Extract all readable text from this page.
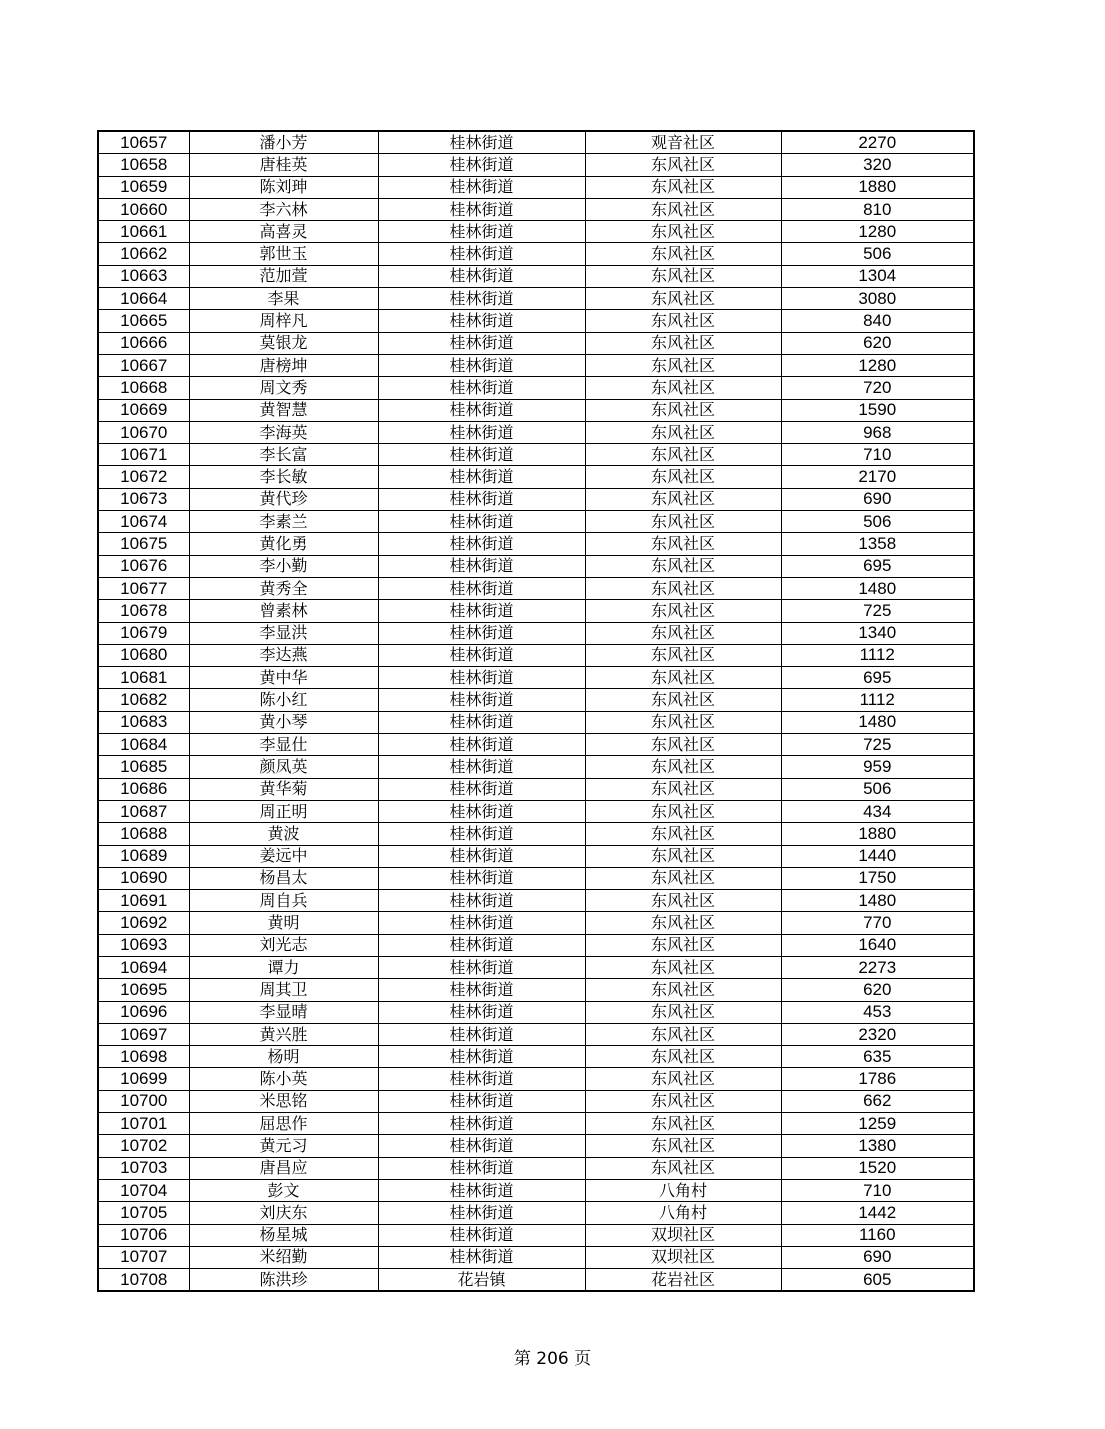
10657	潘小芳	桂林街道	观音社区	2270
10658	唐桂英	桂林街道	东风社区	320
10659	陈刘珅	桂林街道	东风社区	1880
10660	李六林	桂林街道	东风社区	810
10661	高喜灵	桂林街道	东风社区	1280
10662	郭世玉	桂林街道	东风社区	506
10663	范加萱	桂林街道	东风社区	1304
10664	李果	桂林街道	东风社区	3080
10665	周梓凡	桂林街道	东风社区	840
10666	莫银龙	桂林街道	东风社区	620
10667	唐榜坤	桂林街道	东风社区	1280
10668	周文秀	桂林街道	东风社区	720
10669	黄智慧	桂林街道	东风社区	1590
10670	李海英	桂林街道	东风社区	968
10671	李长富	桂林街道	东风社区	710
10672	李长敏	桂林街道	东风社区	2170
10673	黄代珍	桂林街道	东风社区	690
10674	李素兰	桂林街道	东风社区	506
10675	黄化勇	桂林街道	东风社区	1358
10676	李小勤	桂林街道	东风社区	695
10677	黄秀全	桂林街道	东风社区	1480
10678	曾素林	桂林街道	东风社区	725
10679	李显洪	桂林街道	东风社区	1340
10680	李达燕	桂林街道	东风社区	1112
10681	黄中华	桂林街道	东风社区	695
10682	陈小红	桂林街道	东风社区	1112
10683	黄小琴	桂林街道	东风社区	1480
10684	李显仕	桂林街道	东风社区	725
10685	颜凤英	桂林街道	东风社区	959
10686	黄华菊	桂林街道	东风社区	506
10687	周正明	桂林街道	东风社区	434
10688	黄波	桂林街道	东风社区	1880
10689	姜远中	桂林街道	东风社区	1440
10690	杨昌太	桂林街道	东风社区	1750
10691	周自兵	桂林街道	东风社区	1480
10692	黄明	桂林街道	东风社区	770
10693	刘光志	桂林街道	东风社区	1640
10694	谭力	桂林街道	东风社区	2273
10695	周其卫	桂林街道	东风社区	620
10696	李显晴	桂林街道	东风社区	453
10697	黄兴胜	桂林街道	东风社区	2320
10698	杨明	桂林街道	东风社区	635
10699	陈小英	桂林街道	东风社区	1786
10700	米思铭	桂林街道	东风社区	662
10701	屈思作	桂林街道	东风社区	1259
10702	黄元习	桂林街道	东风社区	1380
10703	唐昌应	桂林街道	东风社区	1520
10704	彭文	桂林街道	八角村	710
10705	刘庆东	桂林街道	八角村	1442
10706	杨星城	桂林街道	双坝社区	1160
10707	米绍勤	桂林街道	双坝社区	690
10708	陈洪珍	花岩镇	花岩社区	605
第 206 页
